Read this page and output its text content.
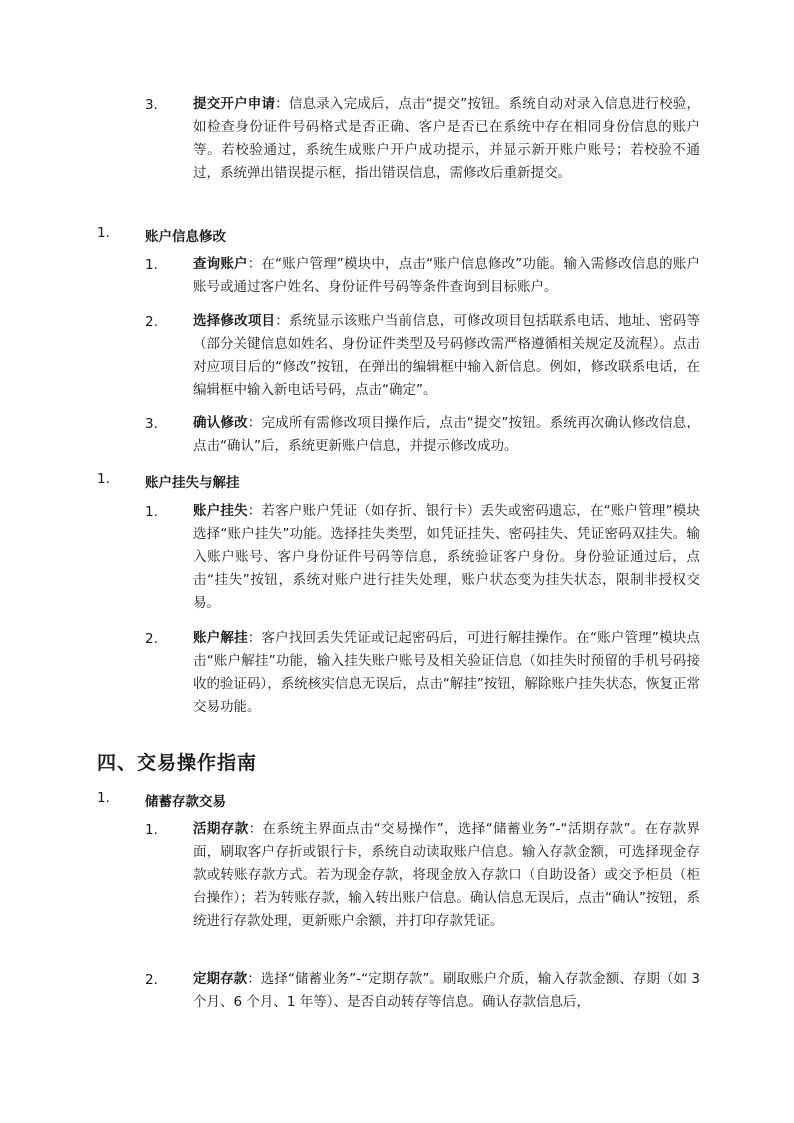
3.	提交开户申请：信息录入完成后，点击“提交”按钮。系统自动对录入信息进行校验，如检查身份证件号码格式是否正确、客户是否已在系统中存在相同身份信息的账户等。若校验通过，系统生成账户开户成功提示，并显示新开账户账号；若校验不通过，系统弹出错误提示框，指出错误信息，需修改后重新提交。
1.	账户信息修改
1.	查询账户：在“账户管理”模块中，点击“账户信息修改”功能。输入需修改信息的账户账号或通过客户姓名、身份证件号码等条件查询到目标账户。
2.	选择修改项目：系统显示该账户当前信息，可修改项目包括联系电话、地址、密码等（部分关键信息如姓名、身份证件类型及号码修改需严格遵循相关规定及流程）。点击对应项目后的“修改”按钮，在弹出的编辑框中输入新信息。例如，修改联系电话，在编辑框中输入新电话号码，点击“确定”。
3.	确认修改：完成所有需修改项目操作后，点击“提交”按钮。系统再次确认修改信息，点击“确认”后，系统更新账户信息，并提示修改成功。
1.	账户挂失与解挂
1.	账户挂失：若客户账户凭证（如存折、银行卡）丢失或密码遗忘，在“账户管理”模块选择“账户挂失”功能。选择挂失类型，如凭证挂失、密码挂失、凭证密码双挂失。输入账户账号、客户身份证件号码等信息，系统验证客户身份。身份验证通过后，点击“挂失”按钮，系统对账户进行挂失处理，账户状态变为挂失状态，限制非授权交易。
2.	账户解挂：客户找回丢失凭证或记起密码后，可进行解挂操作。在“账户管理”模块点击“账户解挂”功能，输入挂失账户账号及相关验证信息（如挂失时预留的手机号码接收的验证码），系统核实信息无误后，点击“解挂”按钮，解除账户挂失状态，恢复正常交易功能。
四、交易操作指南
1.	储蓄存款交易
1.	活期存款：在系统主界面点击“交易操作”，选择“储蓄业务”-“活期存款”。在存款界面，刷取客户存折或银行卡，系统自动读取账户信息。输入存款金额，可选择现金存款或转账存款方式。若为现金存款，将现金放入存款口（自助设备）或交予柜员（柜台操作）；若为转账存款，输入转出账户信息。确认信息无误后，点击“确认”按钮，系统进行存款处理，更新账户余额，并打印存款凭证。
2.	定期存款：选择“储蓄业务”-“定期存款”。刷取账户介质，输入存款金额、存期（如 3 个月、6 个月、1 年等）、是否自动转存等信息。确认存款信息后，
